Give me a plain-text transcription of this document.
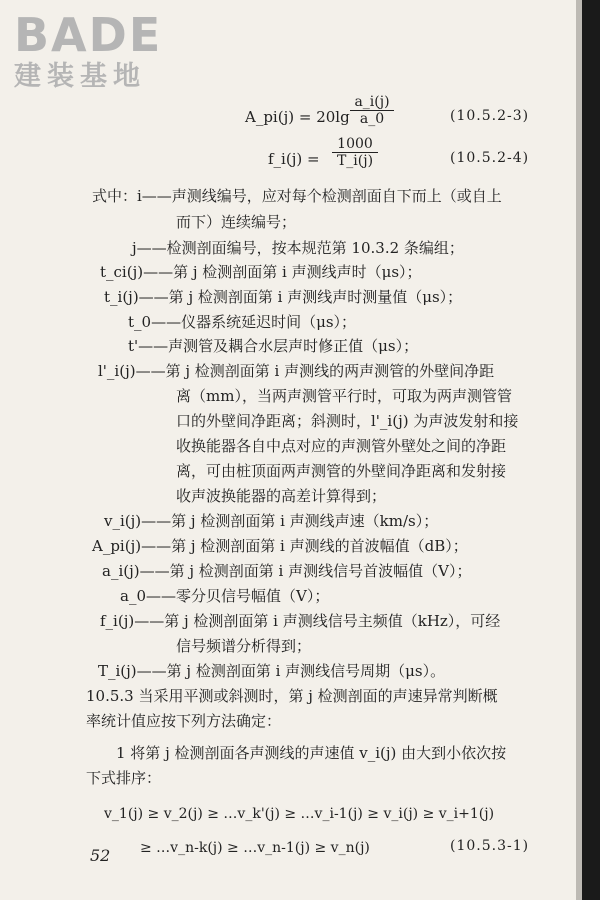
BADE
建装基地
A_pi(j) = $20\lg \frac{a\_i(j)}{a\_0}$	(10.5.2-3)
f_i(j) = $\frac{1000}{T\_i(j)}$	(10.5.2-4)
式中：i——声测线编号，应对每个检测剖面自下而上（或自上
而下）连续编号；
j——检测剖面编号，按本规范第 10.3.2 条编组；
t_ci(j)——第 j 检测剖面第 i 声测线声时（μs）；
t_i(j)——第 j 检测剖面第 i 声测线声时测量值（μs）；
t_0——仪器系统延迟时间（μs）；
t'——声测管及耦合水层声时修正值（μs）；
l'_i(j)——第 j 检测剖面第 i 声测线的两声测管的外壁间净距
离（mm），当两声测管平行时，可取为两声测管管
口的外壁间净距离；斜测时，l'_i(j) 为声波发射和接
收换能器各自中点对应的声测管外壁处之间的净距
离，可由桩顶面两声测管的外壁间净距离和发射接
收声波换能器的高差计算得到；
v_i(j)——第 j 检测剖面第 i 声测线声速（km/s）；
A_pi(j)——第 j 检测剖面第 i 声测线的首波幅值（dB）；
a_i(j)——第 j 检测剖面第 i 声测线信号首波幅值（V）；
a_0——零分贝信号幅值（V）；
f_i(j)——第 j 检测剖面第 i 声测线信号主频值（kHz），可经
信号频谱分析得到；
T_i(j)——第 j 检测剖面第 i 声测线信号周期（μs）。
10.5.3 当采用平测或斜测时，第 j 检测剖面的声速异常判断概
率统计值应按下列方法确定：
1 将第 j 检测剖面各声测线的声速值 v_i(j) 由大到小依次按
下式排序：
v_1(j) ≥ v_2(j) ≥ …v_k'(j) ≥ …v_i-1(j) ≥ v_i(j) ≥ v_i+1(j)
≥ …v_n-k(j) ≥ …v_n-1(j) ≥ v_n(j)	(10.5.3-1)
52
